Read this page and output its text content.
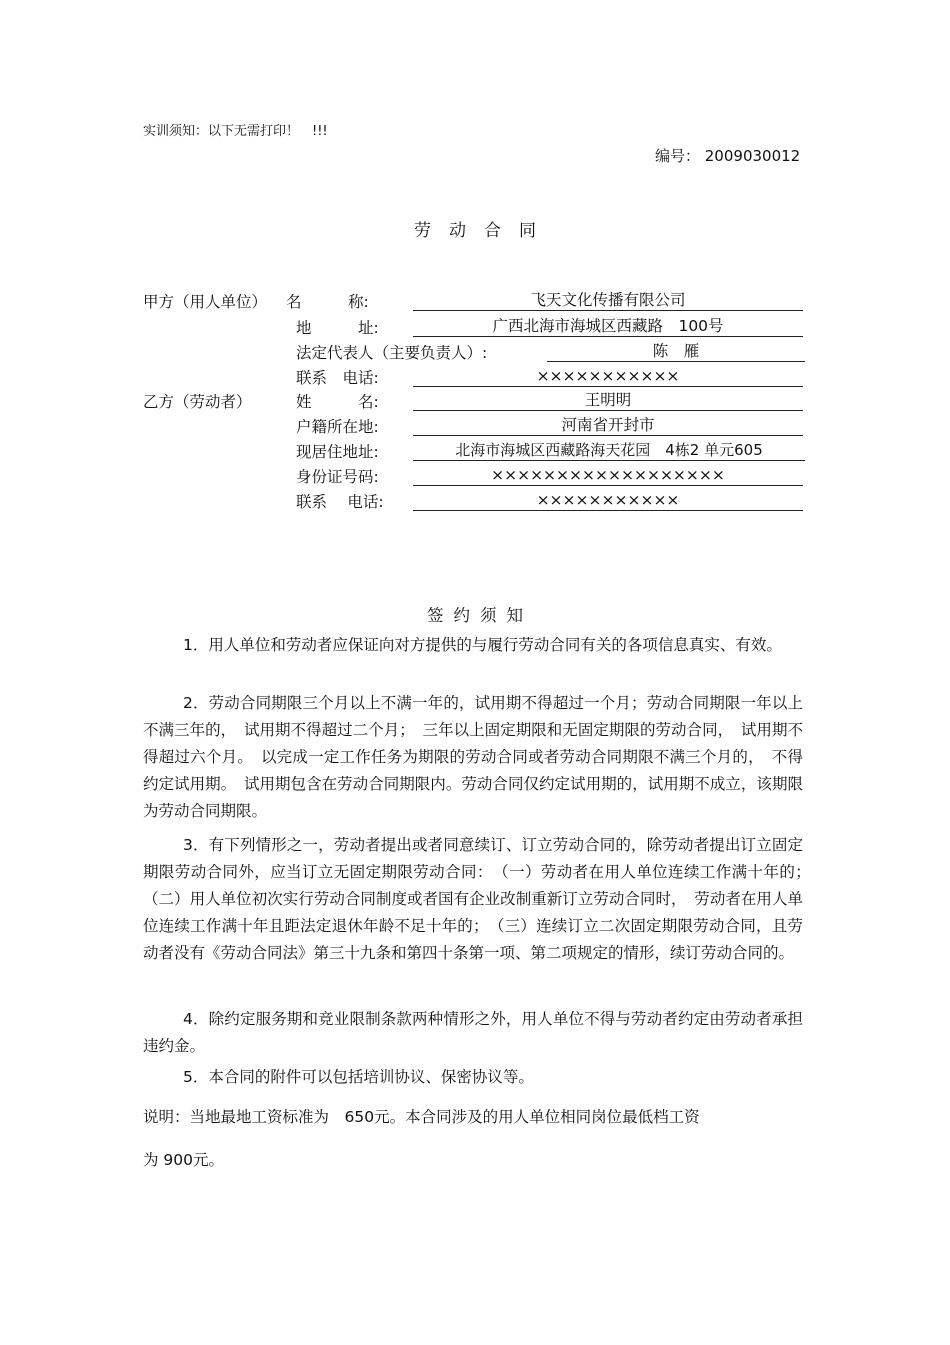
实训须知：以下无需打印！　!!!
编号： 2009030012
劳动合同
甲方（用人单位） 名　　　称:	飞天文化传播有限公司
地　　　址:	广西北海市海城区西藏路　100号
法定代表人（主要负责人）:	陈　雁
联系　电话:	×××××××××××
乙方（劳动者）	姓　　　名:	王明明
户籍所在地:	河南省开封市
现居住地址:	北海市海城区西藏路海天花园　4栋2 单元605
身份证号码:	××××××××××××××××××
联系　 电话:	×××××××××××
签约须知
1．用人单位和劳动者应保证向对方提供的与履行劳动合同有关的各项信息真实、有效。
2．劳动合同期限三个月以上不满一年的，试用期不得超过一个月；劳动合同期限一年以上不满三年的，　试用期不得超过二个月；　三年以上固定期限和无固定期限的劳动合同，　试用期不得超过六个月。　以完成一定工作任务为期限的劳动合同或者劳动合同期限不满三个月的，　不得约定试用期。　试用期包含在劳动合同期限内。劳动合同仅约定试用期的，试用期不成立，该期限为劳动合同期限。
3．有下列情形之一，劳动者提出或者同意续订、订立劳动合同的，除劳动者提出订立固定期限劳动合同外，应当订立无固定期限劳动合同：　（一）劳动者在用人单位连续工作满十年的；　（二）用人单位初次实行劳动合同制度或者国有企业改制重新订立劳动合同时，　劳动者在用人单位连续工作满十年且距法定退休年龄不足十年的；　（三）连续订立二次固定期限劳动合同，且劳动者没有《劳动合同法》第三十九条和第四十条第一项、第二项规定的情形，续订劳动合同的。
4．除约定服务期和竞业限制条款两种情形之外，用人单位不得与劳动者约定由劳动者承担违约金。
5．本合同的附件可以包括培训协议、保密协议等。
说明：当地最地工资标准为　650元。本合同涉及的用人单位相同岗位最低档工资
为 900元。
